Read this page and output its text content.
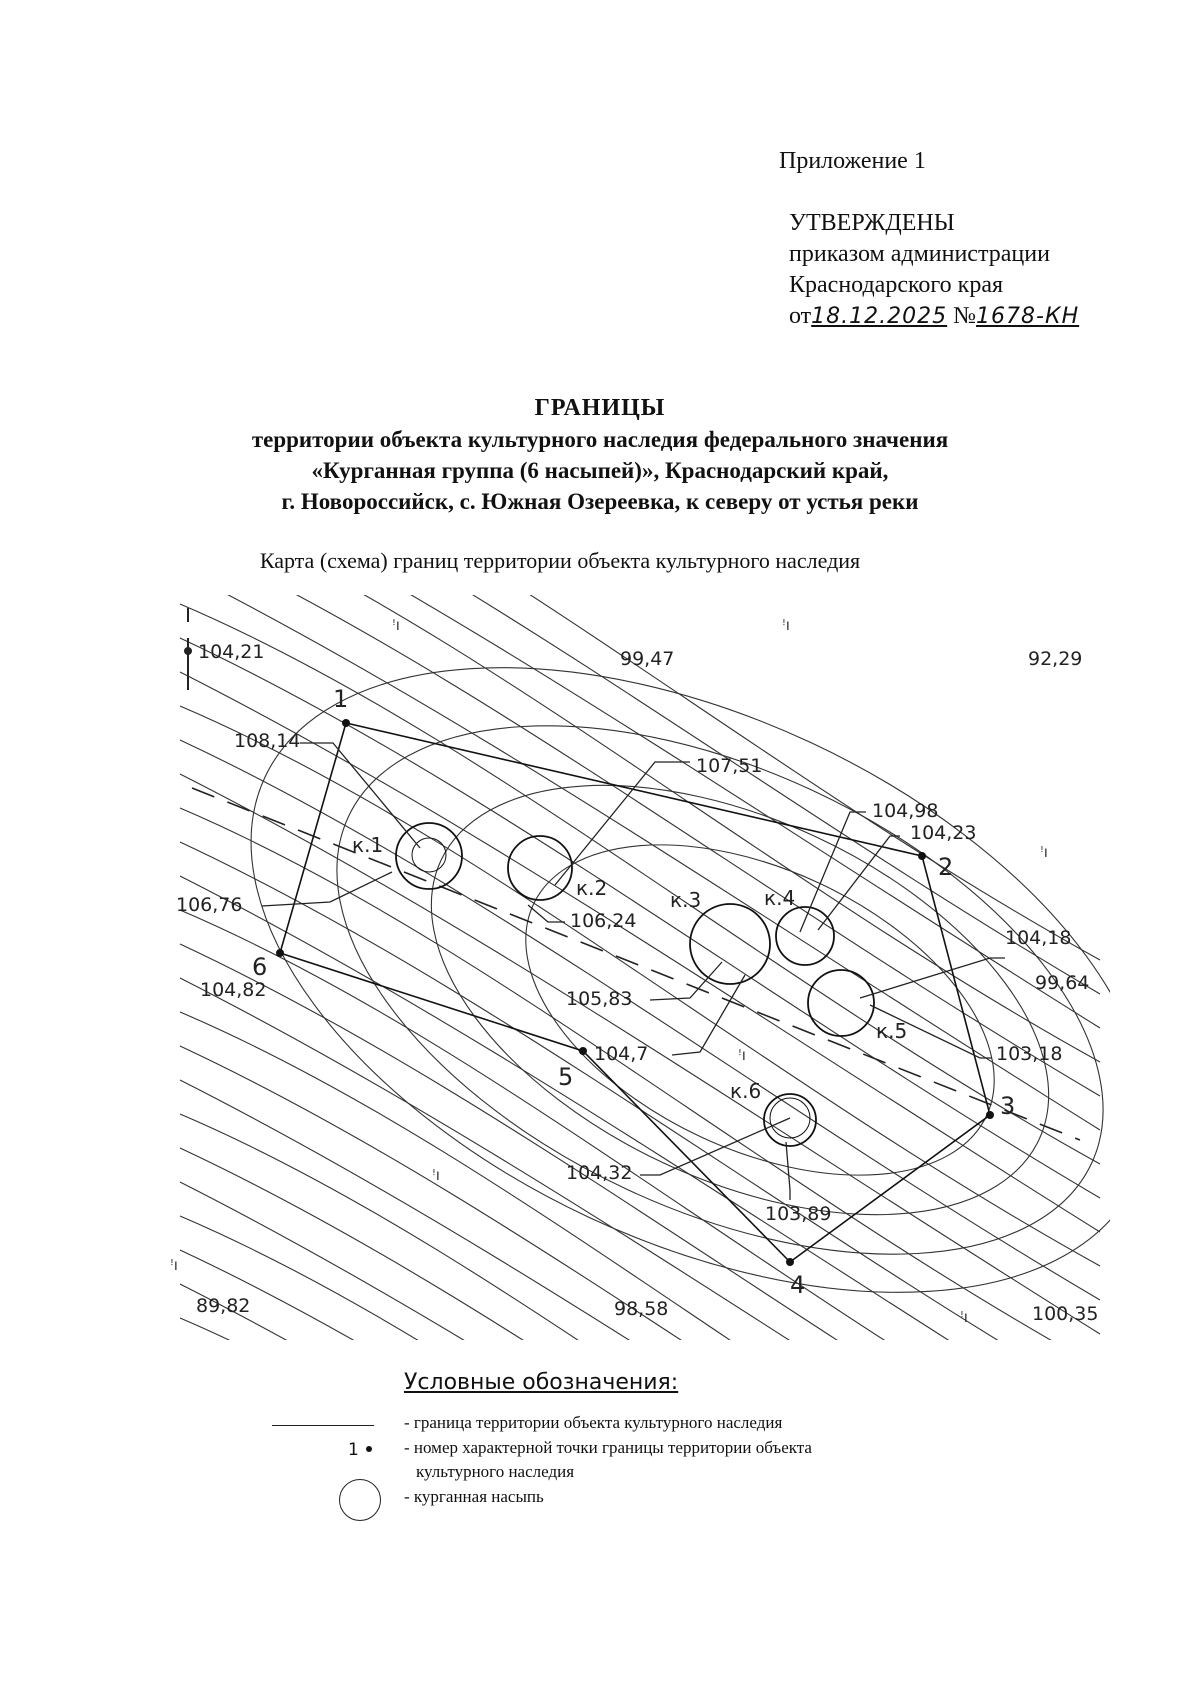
Приложение 1
УТВЕРЖДЕНЫ
приказом администрации
Краснодарского края
от18.12.2025 №1678-КН
ГРАНИЦЫ
территории объекта культурного наследия федерального значения
«Курганная группа (6 насыпей)», Краснодарский край,
г. Новороссийск, с. Южная Озереевка, к северу от устья реки
Карта (схема) границ территории объекта культурного наследия
104,21	99,47	92,29
108,14
107,51
104,98
104,23
106,76
106,24
104,18
104,82	105,83
99,64
104,7	103,18
104,32
103,89
89,82	98,58	100,35
1
2
3
4
5
6
к.1
к.2	к.3	к.4
к.5
к.6
ꜝı	ꜝı
ꜝı
ꜝı
ꜝı
ꜝı
ꜝı
Условные обозначения:
- граница территории объекта культурного наследия
1	- номер характерной точки границы территории объекта
культурного наследия
- курганная насыпь
